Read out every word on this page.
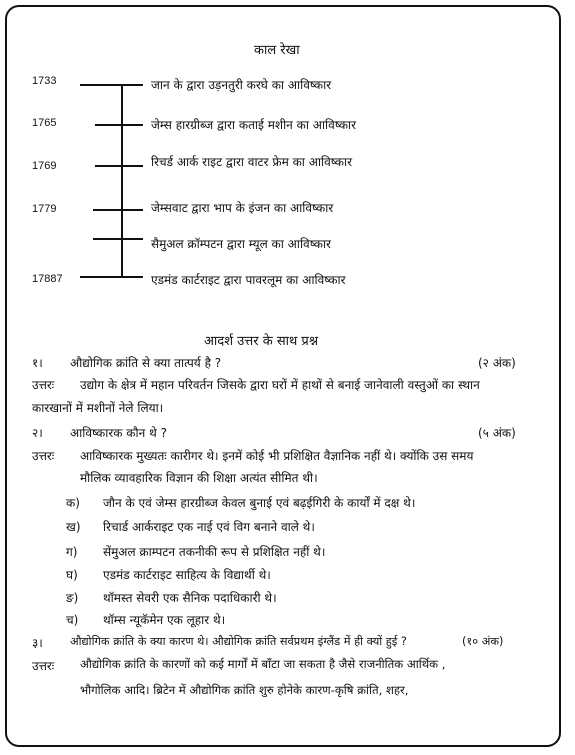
काल रेखा
1733	जान के द्वारा उड़नतुरी करघे का आविष्कार
1765	जेम्स हारग्रीब्ज द्वारा कताई मशीन का आविष्कार
1769	रिचर्ड आर्क राइट द्वारा वाटर फ्रेम का आविष्कार
1779	जेम्सवाट द्वारा भाप के इंजन का आविष्कार
सैमुअल क्रॉम्पटन द्वारा म्यूल का आविष्कार
17887	एडमंड कार्टराइट द्वारा पावरलूम का आविष्कार
आदर्श उत्तर के साथ प्रश्न
१। औद्योगिक क्रांति से क्या तात्पर्य है ?	(२ अंक)
उत्तरः उद्योग के क्षेत्र में महान परिवर्तन जिसके द्वारा घरों में हाथों से बनाई जानेवाली वस्तुओं का स्थान
कारखानों में मशीनों नेले लिया।
२। आविष्कारक कौन थे ?	(५ अंक)
उत्तरः आविष्कारक मुख्यतः कारीगर थे। इनमें कोई भी प्रशिक्षित वैज्ञानिक नहीं थे। क्योंकि उस समय
मौलिक व्यावहारिक विज्ञान की शिक्षा अत्यंत सीमित थी।
क) जौन के एवं जेम्स हारग्रीब्ज केवल बुनाई एवं बढ़ईगिरी के कार्यों में दक्ष थे।
ख) रिचार्ड आर्कराइट एक नाई एवं विग बनाने वाले थे।
ग) सेंमुअल क्राम्पटन तकनीकी रूप से प्रशिक्षित नहीं थे।
घ) एडमंड कार्टराइट साहित्य के विद्यार्थी थे।
ङ) थॉमस्त सेवरी एक सैनिक पदाधिकारी थे।
च) थॉम्स न्यूकॅमेन एक लूहार थे।
३। औद्योगिक क्रांति के क्या कारण थे। औद्योगिक क्रांति सर्वप्रथम इंग्लैंड में ही क्यों हुई ?	(१० अंक)
उत्तरः औद्योगिक क्रांति के कारणों को कई मार्गों में बाँटा जा सकता है जैसे राजनीतिक आर्थिक ,
भौगोलिक आदि। ब्रिटेन में औद्योगिक क्रांति शुरु होनेके कारण-कृषि क्रांति, शहर,
